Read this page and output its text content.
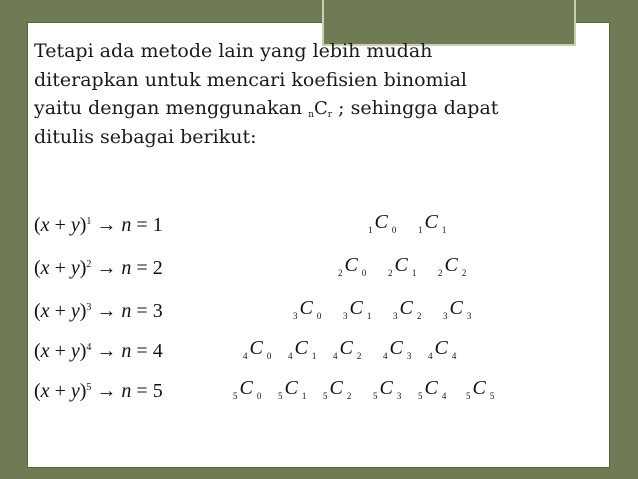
Tetapi ada metode lain yang lebih mudah
diterapkan untuk mencari koefisien binomial
yaitu dengan menggunakan $_nC_r$ ; sehingga dapat
ditulis sebagai berikut:
$(x + y)^1 \to n = 1$	$_1$ C $_0$ $_1$ C $_1$
$(x + y)^2 \to n = 2$	$_2$ C $_0$ $_2$ C $_1$ $_2$ C $_2$
$(x + y)^3 \to n = 3$	$_3$ C $_0$ $_3$ C $_1$ $_3$ C $_2$ $_3$ C $_3$
$(x + y)^4 \to n = 4$	$_4$ C $_0$ $_4$ C $_1$ $_4$ C $_2$ $_4$ C $_3$ $_4$ C $_4$
$(x + y)^5 \to n = 5$	$_5$ C $_0$ $_5$ C $_1$ $_5$ C $_2$ $_5$ C $_3$ $_5$ C $_4$ $_5$ C $_5$
